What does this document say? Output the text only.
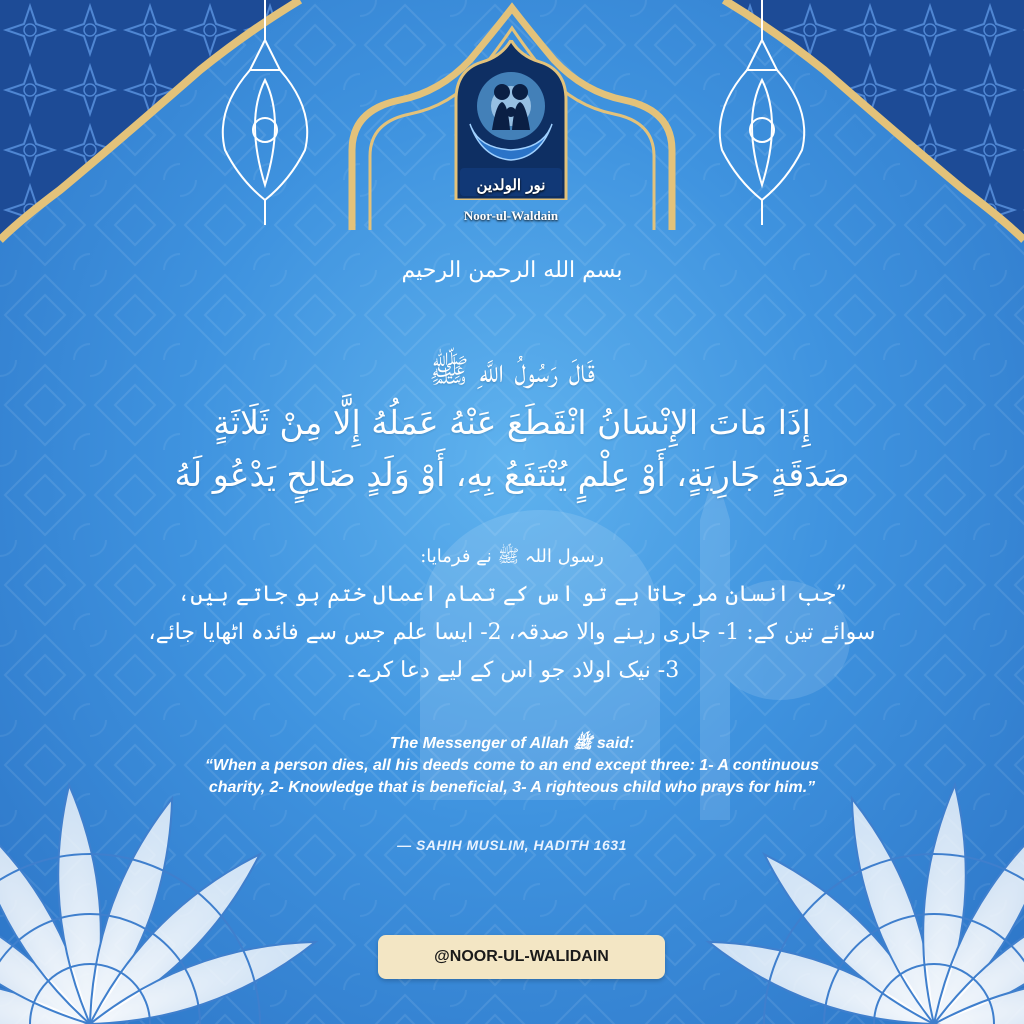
نور الولدين
Noor-ul-Waldain
بسم الله الرحمن الرحيم
قَالَ رَسُولُ اللَّهِ ﷺ
إِذَا مَاتَ الإِنْسَانُ انْقَطَعَ عَنْهُ عَمَلُهُ إِلَّا مِنْ ثَلَاثَةٍ
صَدَقَةٍ جَارِيَةٍ، أَوْ عِلْمٍ يُنْتَفَعُ بِهِ، أَوْ وَلَدٍ صَالِحٍ يَدْعُو لَهُ
رسول اللہ ﷺ نے فرمایا:
”جب انسان مر جاتا ہے تو اس کے تمام اعمال ختم ہو جاتے ہیں،
سوائے تین کے: 1- جاری رہنے والا صدقہ، 2- ایسا علم جس سے فائدہ اٹھایا جائے،
3- نیک اولاد جو اس کے لیے دعا کرے۔
The Messenger of Allah ﷺ said:
“When a person dies, all his deeds come to an end except three: 1- A continuous
charity, 2- Knowledge that is beneficial, 3- A righteous child who prays for him.”
— SAHIH MUSLIM, HADITH 1631
@NOOR-UL-WALIDAIN
